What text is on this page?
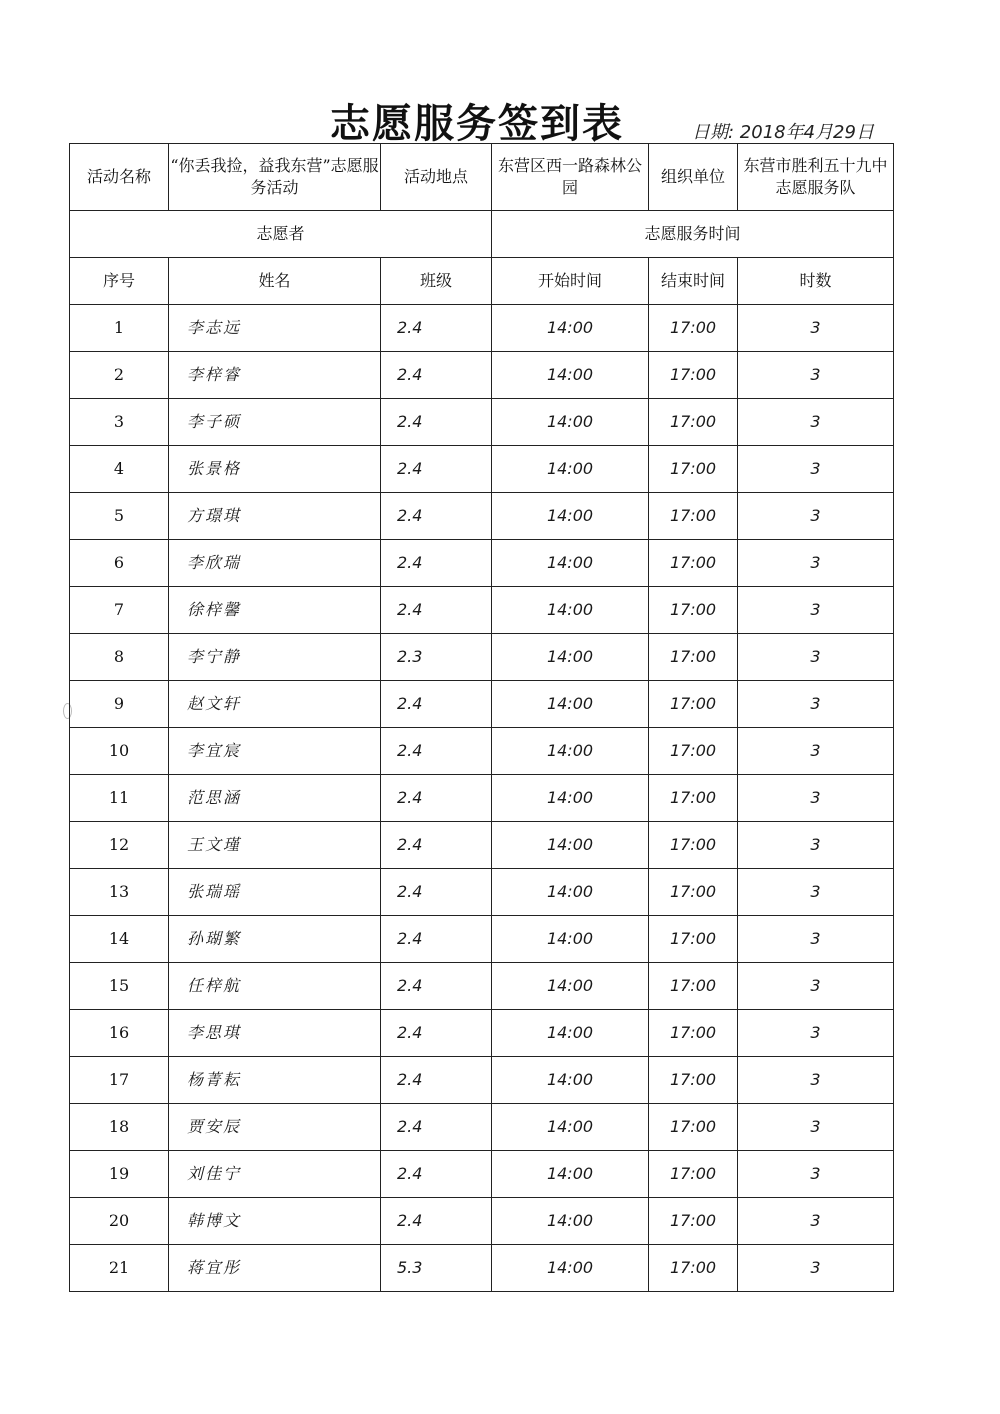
志愿服务签到表	日期: 2018年4月29日
活动名称	“你丢我捡，益我东营”志愿服务活动	活动地点	东营区西一路森林公园	组织单位	东营市胜利五十九中志愿服务队
志愿者			志愿服务时间		
序号	姓名	班级	开始时间	结束时间	时数
1	李志远	2.4	14:00	17:00	3
2	李梓睿	2.4	14:00	17:00	3
3	李子硕	2.4	14:00	17:00	3
4	张景格	2.4	14:00	17:00	3
5	方璟琪	2.4	14:00	17:00	3
6	李欣瑞	2.4	14:00	17:00	3
7	徐梓馨	2.4	14:00	17:00	3
8	李宁静	2.3	14:00	17:00	3
9	赵文轩	2.4	14:00	17:00	3
10	李宜宸	2.4	14:00	17:00	3
11	范思涵	2.4	14:00	17:00	3
12	王文瑾	2.4	14:00	17:00	3
13	张瑞瑶	2.4	14:00	17:00	3
14	孙瑚繁	2.4	14:00	17:00	3
15	任梓航	2.4	14:00	17:00	3
16	李思琪	2.4	14:00	17:00	3
17	杨菁耘	2.4	14:00	17:00	3
18	贾安辰	2.4	14:00	17:00	3
19	刘佳宁	2.4	14:00	17:00	3
20	韩博文	2.4	14:00	17:00	3
21	蒋宜彤	5.3	14:00	17:00	3
